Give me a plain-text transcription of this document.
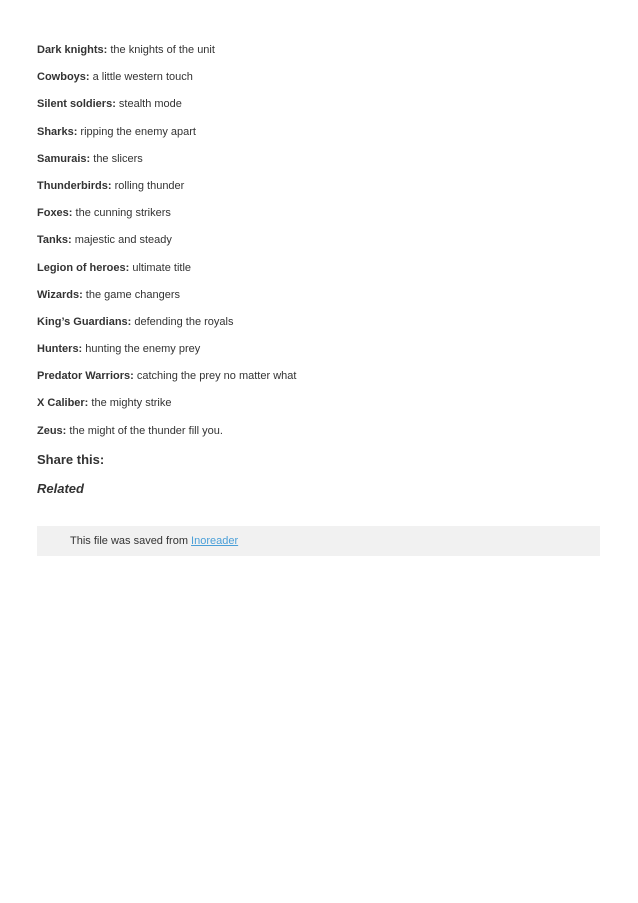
Dark knights: the knights of the unit
Cowboys: a little western touch
Silent soldiers: stealth mode
Sharks: ripping the enemy apart
Samurais: the slicers
Thunderbirds: rolling thunder
Foxes: the cunning strikers
Tanks: majestic and steady
Legion of heroes: ultimate title
Wizards: the game changers
King’s Guardians: defending the royals
Hunters: hunting the enemy prey
Predator Warriors: catching the prey no matter what
X Caliber: the mighty strike
Zeus: the might of the thunder fill you.
Share this:
Related
This file was saved from Inoreader
